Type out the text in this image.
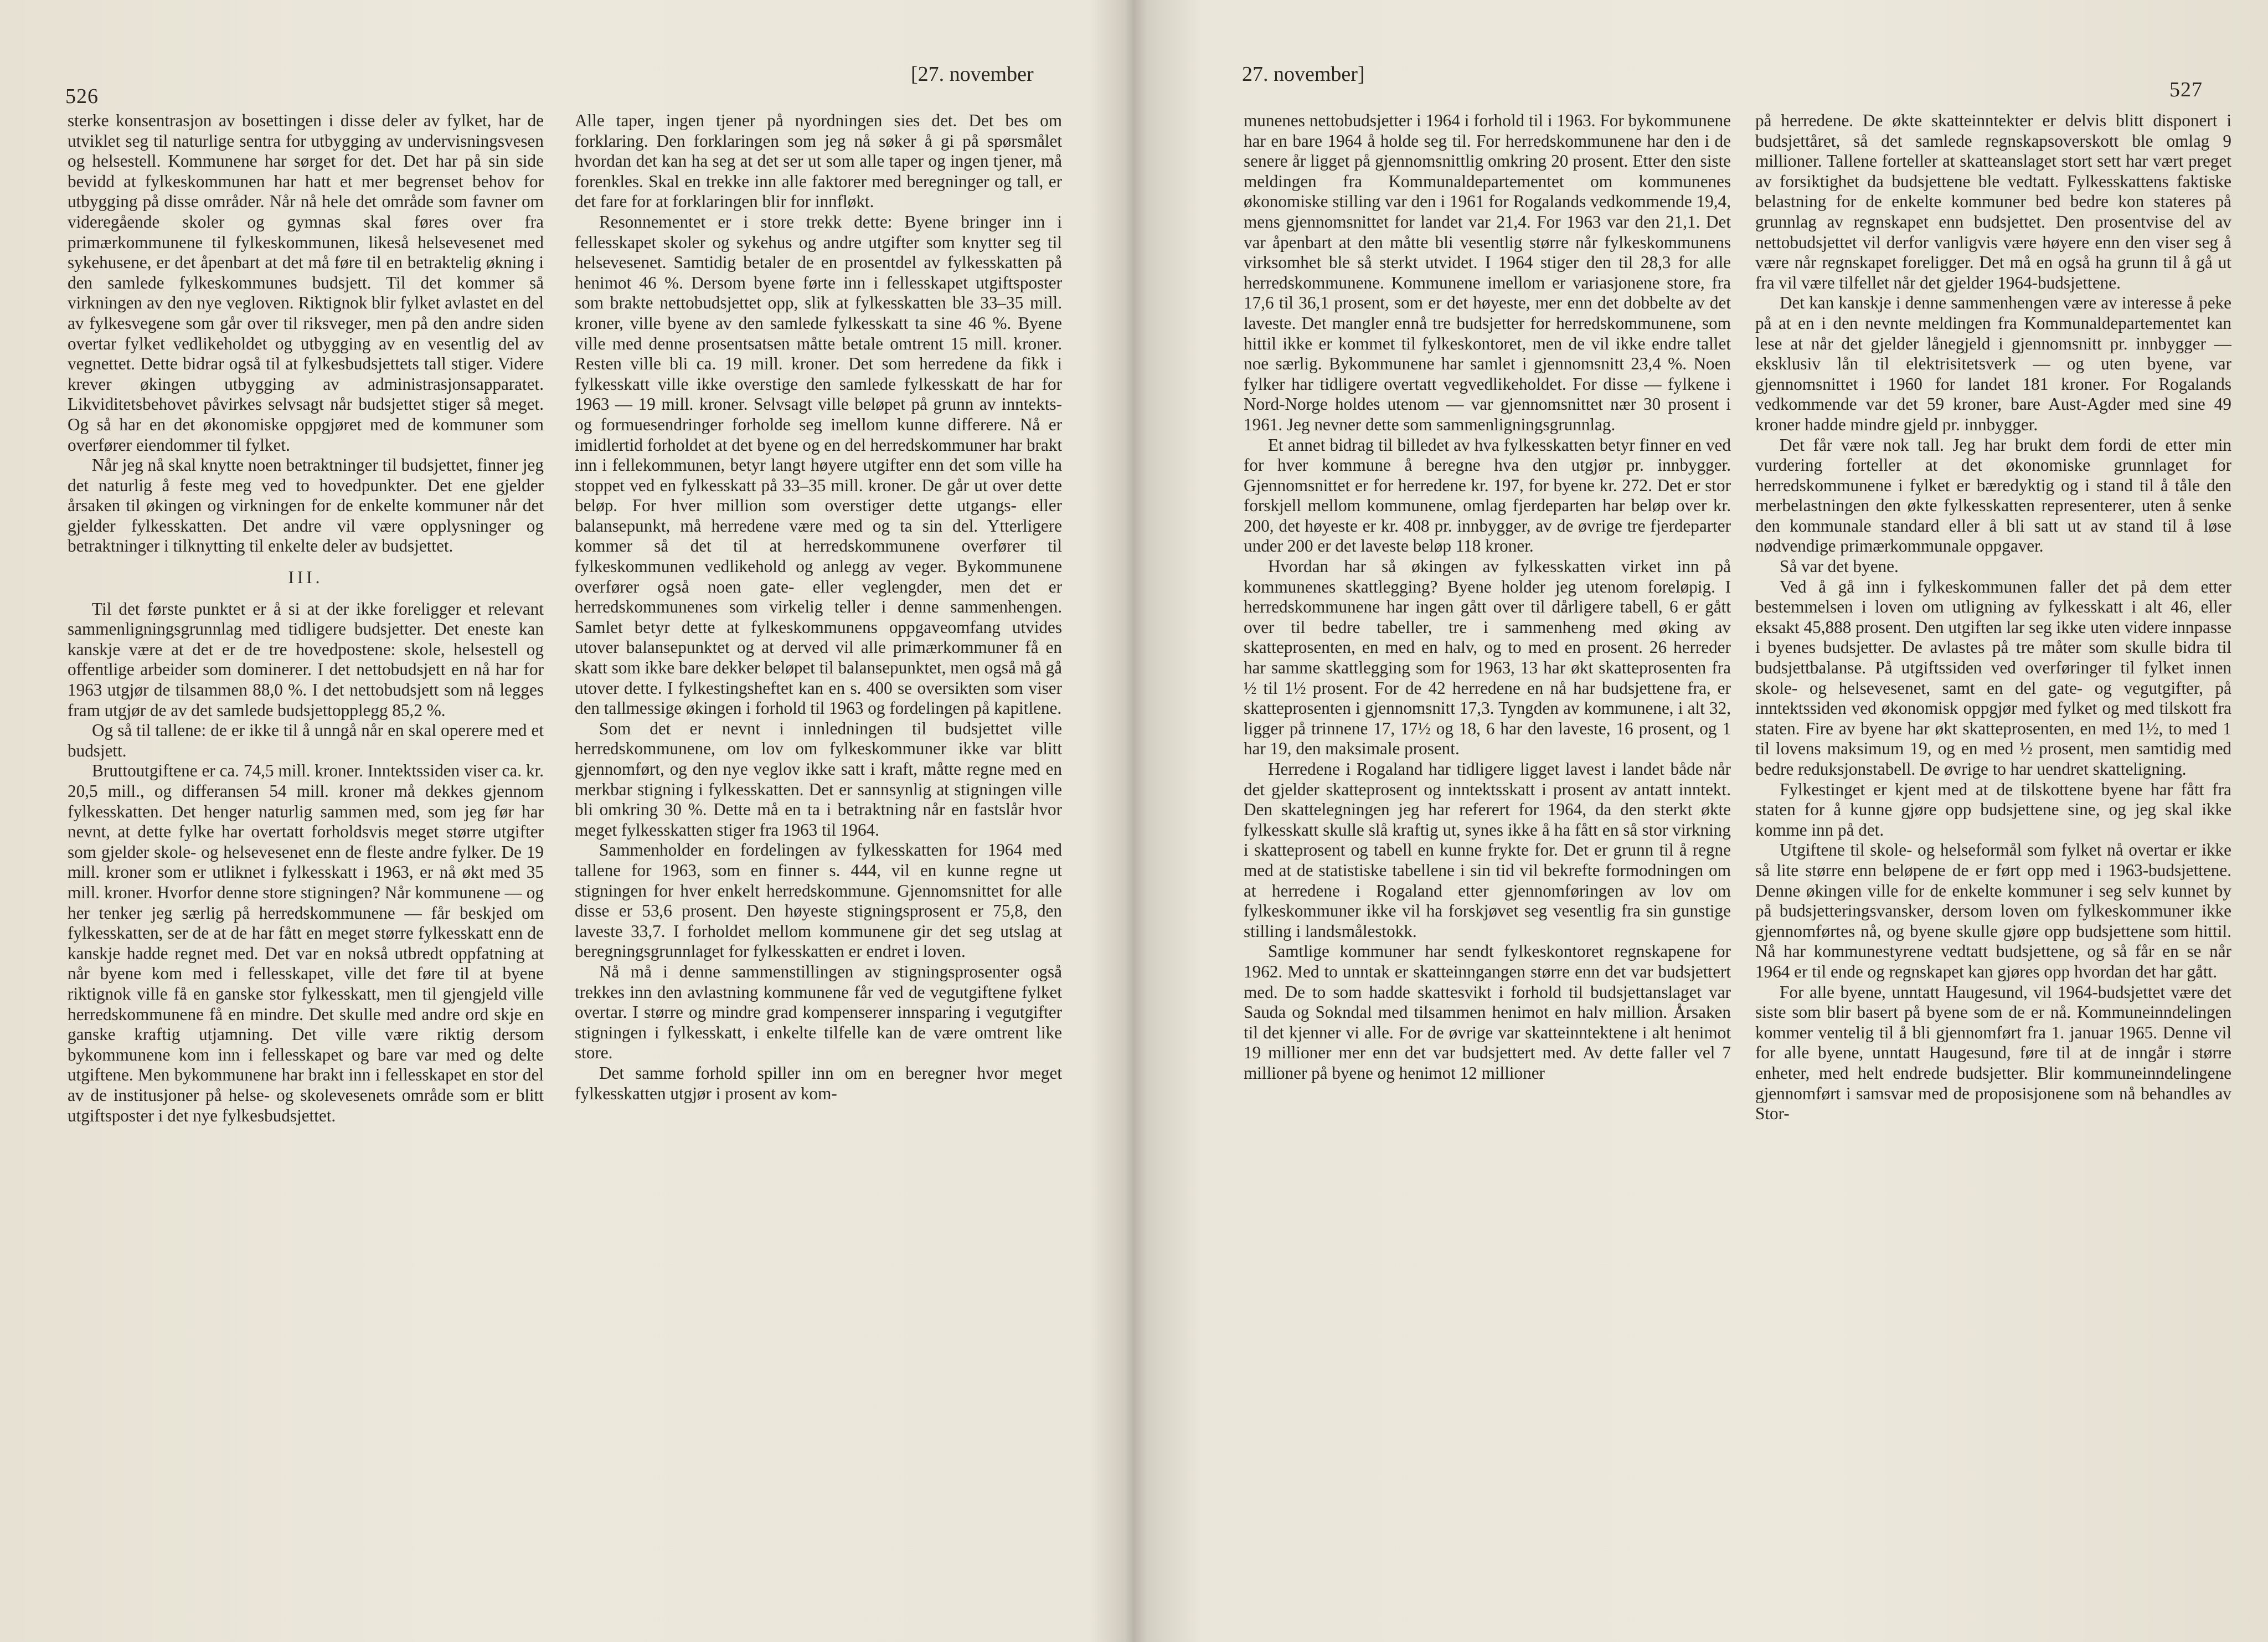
526
[27. november

sterke konsentrasjon av bosettingen i disse deler av fylket, har de utviklet seg til naturlige sentra for utbygging av undervisningsvesen og helsestell. Kommunene har sørget for det. Det har på sin side bevidd at fylkeskommunen har hatt et mer begrenset behov for utbygging på disse områder. Når nå hele det område som favner om videregående skoler og gymnas skal føres over fra primærkommunene til fylkeskommunen, likeså helsevesenet med sykehusene, er det åpenbart at det må føre til en betraktelig økning i den samlede fylkeskommunes budsjett. Til det kommer så virkningen av den nye vegloven. Riktignok blir fylket avlastet en del av fylkesvegene som går over til riksveger, men på den andre siden overtar fylket vedlikeholdet og utbygging av en vesentlig del av vegnettet. Dette bidrar også til at fylkesbudsjettets tall stiger. Videre krever økingen utbygging av administrasjonsapparatet. Likviditetsbehovet påvirkes selvsagt når budsjettet stiger så meget. Og så har en det økonomiske oppgjøret med de kommuner som overfører eiendommer til fylket.

Når jeg nå skal knytte noen betraktninger til budsjettet, finner jeg det naturlig å feste meg ved to hovedpunkter. Det ene gjelder årsaken til økingen og virkningen for de enkelte kommuner når det gjelder fylkesskatten. Det andre vil være opplysninger og betraktninger i tilknytting til enkelte deler av budsjettet.

III.

Til det første punktet er å si at der ikke foreligger et relevant sammenligningsgrunnlag med tidligere budsjetter. Det eneste kan kanskje være at det er de tre hovedpostene: skole, helsestell og offentlige arbeider som dominerer. I det nettobudsjett en nå har for 1963 utgjør de tilsammen 88,0 %. I det nettobudsjett som nå legges fram utgjør de av det samlede budsjettopplegg 85,2 %.

Og så til tallene: de er ikke til å unngå når en skal operere med et budsjett.

Bruttoutgiftene er ca. 74,5 mill. kroner. Inntektssiden viser ca. kr. 20,5 mill., og differansen 54 mill. kroner må dekkes gjennom fylkesskatten. Det henger naturlig sammen med, som jeg før har nevnt, at dette fylke har overtatt forholdsvis meget større utgifter som gjelder skole- og helsevesenet enn de fleste andre fylker. De 19 mill. kroner som er utliknet i fylkesskatt i 1963, er nå økt med 35 mill. kroner. Hvorfor denne store stigningen? Når kommunene — og her tenker jeg særlig på herredskommunene — får beskjed om fylkesskatten, ser de at de har fått en meget større fylkesskatt enn de kanskje hadde regnet med. Det var en nokså utbredt oppfatning at når byene kom med i fellesskapet, ville det føre til at byene riktignok ville få en ganske stor fylkesskatt, men til gjengjeld ville herredskommunene få en mindre. Det skulle med andre ord skje en ganske kraftig utjamning. Det ville være riktig dersom bykommunene kom inn i fellesskapet og bare var med og delte utgiftene. Men bykommunene har brakt inn i fellesskapet en stor del av de institusjoner på helse- og skolevesenets område som er blitt utgiftsposter i det nye fylkesbudsjettet.

Alle taper, ingen tjener på nyordningen sies det. Det bes om forklaring. Den forklaringen som jeg nå søker å gi på spørsmålet hvordan det kan ha seg at det ser ut som alle taper og ingen tjener, må forenkles. Skal en trekke inn alle faktorer med beregninger og tall, er det fare for at forklaringen blir for innfløkt.

Resonnementet er i store trekk dette: Byene bringer inn i fellesskapet skoler og sykehus og andre utgifter som knytter seg til helsevesenet. Samtidig betaler de en prosentdel av fylkesskatten på henimot 46 %. Dersom byene førte inn i fellesskapet utgiftsposter som brakte nettobudsjettet opp, slik at fylkesskatten ble 33–35 mill. kroner, ville byene av den samlede fylkesskatt ta sine 46 %. Byene ville med denne prosentsatsen måtte betale omtrent 15 mill. kroner. Resten ville bli ca. 19 mill. kroner. Det som herredene da fikk i fylkesskatt ville ikke overstige den samlede fylkesskatt de har for 1963 — 19 mill. kroner. Selvsagt ville beløpet på grunn av inntekts- og formuesendringer forholde seg imellom kunne differere. Nå er imidlertid forholdet at det byene og en del herredskommuner har brakt inn i fellekommunen, betyr langt høyere utgifter enn det som ville ha stoppet ved en fylkesskatt på 33–35 mill. kroner. De går ut over dette beløp. For hver million som overstiger dette utgangs- eller balansepunkt, må herredene være med og ta sin del. Ytterligere kommer så det til at herredskommunene overfører til fylkeskommunen vedlikehold og anlegg av veger. Bykommunene overfører også noen gate- eller veglengder, men det er herredskommunenes som virkelig teller i denne sammenhengen. Samlet betyr dette at fylkeskommunens oppgaveomfang utvides utover balansepunktet og at derved vil alle primærkommuner få en skatt som ikke bare dekker beløpet til balansepunktet, men også må gå utover dette. I fylkestingsheftet kan en s. 400 se oversikten som viser den tallmessige økingen i forhold til 1963 og fordelingen på kapitlene.

Som det er nevnt i innledningen til budsjettet ville herredskommunene, om lov om fylkeskommuner ikke var blitt gjennomført, og den nye veglov ikke satt i kraft, måtte regne med en merkbar stigning i fylkesskatten. Det er sannsynlig at stigningen ville bli omkring 30 %. Dette må en ta i betraktning når en fastslår hvor meget fylkesskatten stiger fra 1963 til 1964.

Sammenholder en fordelingen av fylkesskatten for 1964 med tallene for 1963, som en finner s. 444, vil en kunne regne ut stigningen for hver enkelt herredskommune. Gjennomsnittet for alle disse er 53,6 prosent. Den høyeste stigningsprosent er 75,8, den laveste 33,7. I forholdet mellom kommunene gir det seg utslag at beregningsgrunnlaget for fylkesskatten er endret i loven.

Nå må i denne sammenstillingen av stigningsprosenter også trekkes inn den avlastning kommunene får ved de vegutgiftene fylket overtar. I større og mindre grad kompenserer innsparing i vegutgifter stigningen i fylkesskatt, i enkelte tilfelle kan de være omtrent like store.

Det samme forhold spiller inn om en beregner hvor meget fylkesskatten utgjør i prosent av kom-

27. november]
527

munenes nettobudsjetter i 1964 i forhold til i 1963. For bykommunene har en bare 1964 å holde seg til. For herredskommunene har den i de senere år ligget på gjennomsnittlig omkring 20 prosent. Etter den siste meldingen fra Kommunaldepartementet om kommunenes økonomiske stilling var den i 1961 for Rogalands vedkommende 19,4, mens gjennomsnittet for landet var 21,4. For 1963 var den 21,1. Det var åpenbart at den måtte bli vesentlig større når fylkeskommunens virksomhet ble så sterkt utvidet. I 1964 stiger den til 28,3 for alle herredskommunene. Kommunene imellom er variasjonene store, fra 17,6 til 36,1 prosent, som er det høyeste, mer enn det dobbelte av det laveste. Det mangler ennå tre budsjetter for herredskommunene, som hittil ikke er kommet til fylkeskontoret, men de vil ikke endre tallet noe særlig. Bykommunene har samlet i gjennomsnitt 23,4 %. Noen fylker har tidligere overtatt vegvedlikeholdet. For disse — fylkene i Nord-Norge holdes utenom — var gjennomsnittet nær 30 prosent i 1961. Jeg nevner dette som sammenligningsgrunnlag.

Et annet bidrag til billedet av hva fylkesskatten betyr finner en ved for hver kommune å beregne hva den utgjør pr. innbygger. Gjennomsnittet er for herredene kr. 197, for byene kr. 272. Det er stor forskjell mellom kommunene, omlag fjerdeparten har beløp over kr. 200, det høyeste er kr. 408 pr. innbygger, av de øvrige tre fjerdeparter under 200 er det laveste beløp 118 kroner.

Hvordan har så økingen av fylkesskatten virket inn på kommunenes skattlegging? Byene holder jeg utenom foreløpig. I herredskommunene har ingen gått over til dårligere tabell, 6 er gått over til bedre tabeller, tre i sammenheng med øking av skatteprosenten, en med en halv, og to med en prosent. 26 herreder har samme skattlegging som for 1963, 13 har økt skatteprosenten fra ½ til 1½ prosent. For de 42 herredene en nå har budsjettene fra, er skatteprosenten i gjennomsnitt 17,3. Tyngden av kommunene, i alt 32, ligger på trinnene 17, 17½ og 18, 6 har den laveste, 16 prosent, og 1 har 19, den maksimale prosent.

Herredene i Rogaland har tidligere ligget lavest i landet både når det gjelder skatteprosent og inntektsskatt i prosent av antatt inntekt. Den skattelegningen jeg har referert for 1964, da den sterkt økte fylkesskatt skulle slå kraftig ut, synes ikke å ha fått en så stor virkning i skatteprosent og tabell en kunne frykte for. Det er grunn til å regne med at de statistiske tabellene i sin tid vil bekrefte formodningen om at herredene i Rogaland etter gjennomføringen av lov om fylkeskommuner ikke vil ha forskjøvet seg vesentlig fra sin gunstige stilling i landsmålestokk.

Samtlige kommuner har sendt fylkeskontoret regnskapene for 1962. Med to unntak er skatteinngangen større enn det var budsjettert med. De to som hadde skattesvikt i forhold til budsjettanslaget var Sauda og Sokndal med tilsammen henimot en halv million. Årsaken til det kjenner vi alle. For de øvrige var skatteinntektene i alt henimot 19 millioner mer enn det var budsjettert med. Av dette faller vel 7 millioner på byene og henimot 12 millioner

på herredene. De økte skatteinntekter er delvis blitt disponert i budsjettåret, så det samlede regnskapsoverskott ble omlag 9 millioner. Tallene forteller at skatteanslaget stort sett har vært preget av forsiktighet da budsjettene ble vedtatt. Fylkesskattens faktiske belastning for de enkelte kommuner bed bedre kon stateres på grunnlag av regnskapet enn budsjettet. Den prosentvise del av nettobudsjettet vil derfor vanligvis være høyere enn den viser seg å være når regnskapet foreligger. Det må en også ha grunn til å gå ut fra vil være tilfellet når det gjelder 1964-budsjettene.

Det kan kanskje i denne sammenhengen være av interesse å peke på at en i den nevnte meldingen fra Kommunaldepartementet kan lese at når det gjelder lånegjeld i gjennomsnitt pr. innbygger — eksklusiv lån til elektrisitetsverk — og uten byene, var gjennomsnittet i 1960 for landet 181 kroner. For Rogalands vedkommende var det 59 kroner, bare Aust-Agder med sine 49 kroner hadde mindre gjeld pr. innbygger.

Det får være nok tall. Jeg har brukt dem fordi de etter min vurdering forteller at det økonomiske grunnlaget for herredskommunene i fylket er bæredyktig og i stand til å tåle den merbelastningen den økte fylkesskatten representerer, uten å senke den kommunale standard eller å bli satt ut av stand til å løse nødvendige primærkommunale oppgaver.

Så var det byene.

Ved å gå inn i fylkeskommunen faller det på dem etter bestemmelsen i loven om utligning av fylkesskatt i alt 46, eller eksakt 45,888 prosent. Den utgiften lar seg ikke uten videre innpasse i byenes budsjetter. De avlastes på tre måter som skulle bidra til budsjettbalanse. På utgiftssiden ved overføringer til fylket innen skole- og helsevesenet, samt en del gate- og vegutgifter, på inntektssiden ved økonomisk oppgjør med fylket og med tilskott fra staten. Fire av byene har økt skatteprosenten, en med 1½, to med 1 til lovens maksimum 19, og en med ½ prosent, men samtidig med bedre reduksjonstabell. De øvrige to har uendret skatteligning.

Fylkestinget er kjent med at de tilskottene byene har fått fra staten for å kunne gjøre opp budsjettene sine, og jeg skal ikke komme inn på det.

Utgiftene til skole- og helseformål som fylket nå overtar er ikke så lite større enn beløpene de er ført opp med i 1963-budsjettene. Denne økingen ville for de enkelte kommuner i seg selv kunnet by på budsjetteringsvansker, dersom loven om fylkeskommuner ikke gjennomførtes nå, og byene skulle gjøre opp budsjettene som hittil. Nå har kommunestyrene vedtatt budsjettene, og så får en se når 1964 er til ende og regnskapet kan gjøres opp hvordan det har gått.

For alle byene, unntatt Haugesund, vil 1964-budsjettet være det siste som blir basert på byene som de er nå. Kommuneinndelingen kommer ventelig til å bli gjennomført fra 1. januar 1965. Denne vil for alle byene, unntatt Haugesund, føre til at de inngår i større enheter, med helt endrede budsjetter. Blir kommuneinndelingene gjennomført i samsvar med de proposisjonene som nå behandles av Stor-
